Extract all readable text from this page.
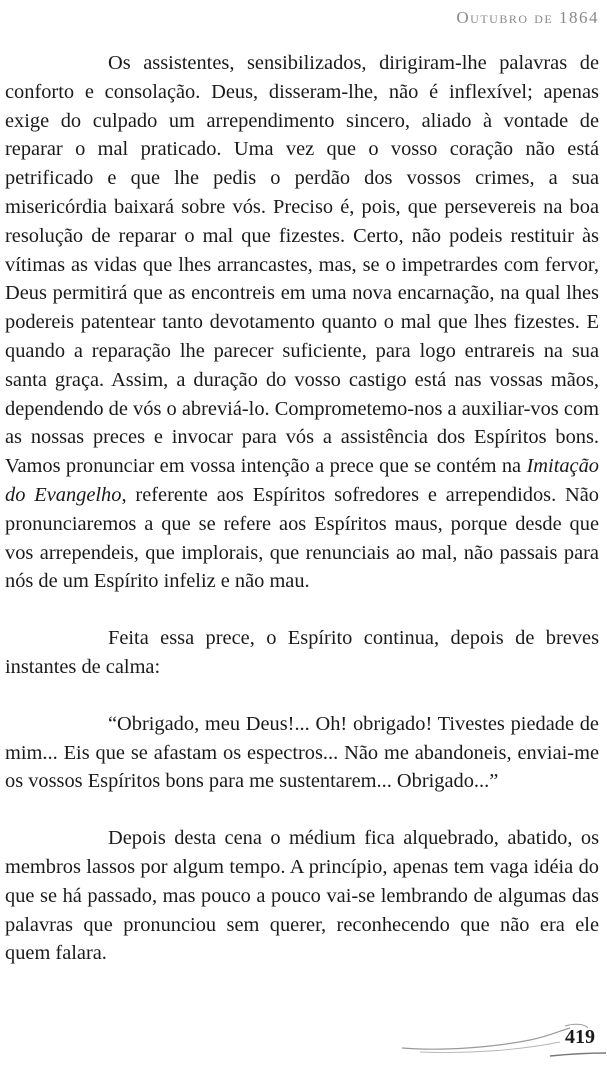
Outubro de 1864

Os assistentes, sensibilizados, dirigiram-lhe palavras de conforto e consolação. Deus, disseram-lhe, não é inflexível; apenas exige do culpado um arrependimento sincero, aliado à vontade de reparar o mal praticado. Uma vez que o vosso coração não está petrificado e que lhe pedis o perdão dos vossos crimes, a sua misericórdia baixará sobre vós. Preciso é, pois, que persevereis na boa resolução de reparar o mal que fizestes. Certo, não podeis restituir às vítimas as vidas que lhes arrancastes, mas, se o impetrardes com fervor, Deus permitirá que as encontreis em uma nova encarnação, na qual lhes podereis patentear tanto devotamento quanto o mal que lhes fizestes. E quando a reparação lhe parecer suficiente, para logo entrareis na sua santa graça. Assim, a duração do vosso castigo está nas vossas mãos, dependendo de vós o abreviá-lo. Comprometemo-nos a auxiliar-vos com as nossas preces e invocar para vós a assistência dos Espíritos bons. Vamos pronunciar em vossa intenção a prece que se contém na Imitação do Evangelho, referente aos Espíritos sofredores e arrependidos. Não pronunciaremos a que se refere aos Espíritos maus, porque desde que vos arrependeis, que implorais, que renunciais ao mal, não passais para nós de um Espírito infeliz e não mau.

Feita essa prece, o Espírito continua, depois de breves instantes de calma:

“Obrigado, meu Deus!... Oh! obrigado! Tivestes piedade de mim... Eis que se afastam os espectros... Não me abandoneis, enviai-me os vossos Espíritos bons para me sustentarem... Obrigado...”

Depois desta cena o médium fica alquebrado, abatido, os membros lassos por algum tempo. A princípio, apenas tem vaga idéia do que se há passado, mas pouco a pouco vai-se lembrando de algumas das palavras que pronunciou sem querer, reconhecendo que não era ele quem falara.

419
